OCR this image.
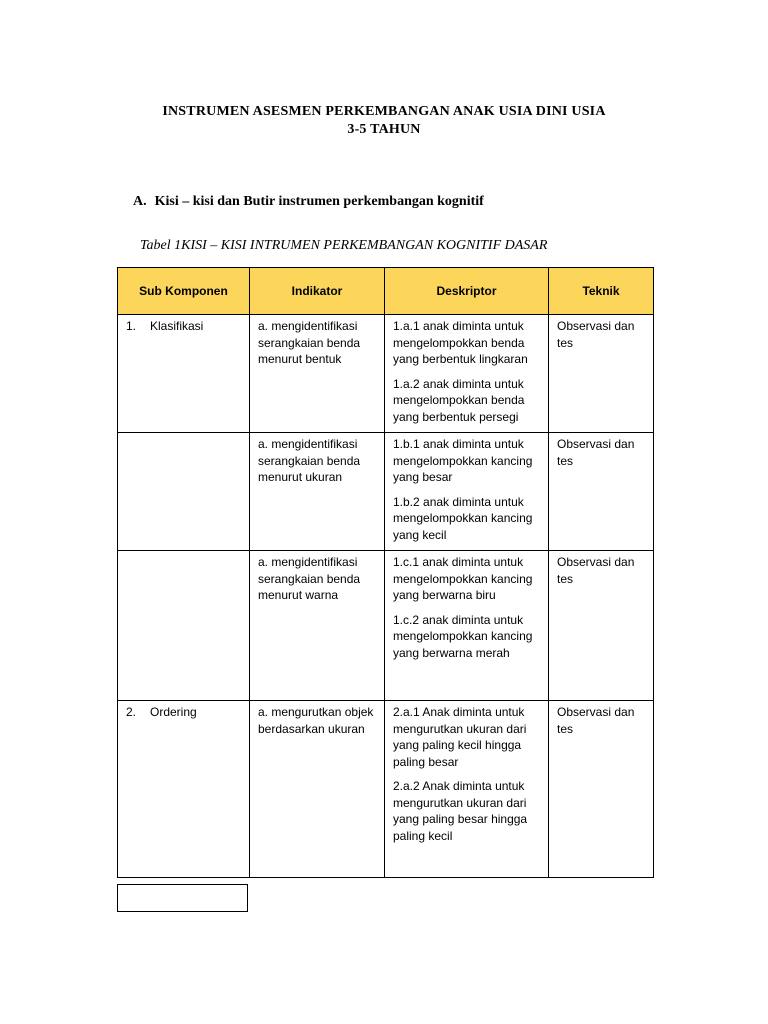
INSTRUMEN ASESMEN PERKEMBANGAN ANAK USIA DINI USIA
3-5 TAHUN
A. Kisi – kisi dan Butir instrumen perkembangan kognitif

Tabel 1KISI – KISI INTRUMEN PERKEMBANGAN KOGNITIF DASAR

Sub Komponen	Indikator	Deskriptor	Teknik
1. Klasifikasi	a. mengidentifikasi serangkaian benda menurut bentuk	1.a.1 anak diminta untuk mengelompokkan benda yang berbentuk lingkaran

1.a.2 anak diminta untuk mengelompokkan benda yang berbentuk persegi	Observasi dan tes
	a. mengidentifikasi serangkaian benda menurut ukuran	1.b.1 anak diminta untuk mengelompokkan kancing yang besar

1.b.2 anak diminta untuk mengelompokkan kancing yang kecil	Observasi dan tes
	a. mengidentifikasi serangkaian benda menurut warna	1.c.1 anak diminta untuk mengelompokkan kancing yang berwarna biru

1.c.2 anak diminta untuk mengelompokkan kancing yang berwarna merah	Observasi dan tes
2. Ordering	a. mengurutkan objek berdasarkan ukuran	2.a.1 Anak diminta untuk mengurutkan ukuran dari yang paling kecil hingga paling besar

2.a.2 Anak diminta untuk mengurutkan ukuran dari yang paling besar hingga paling kecil	Observasi dan tes
